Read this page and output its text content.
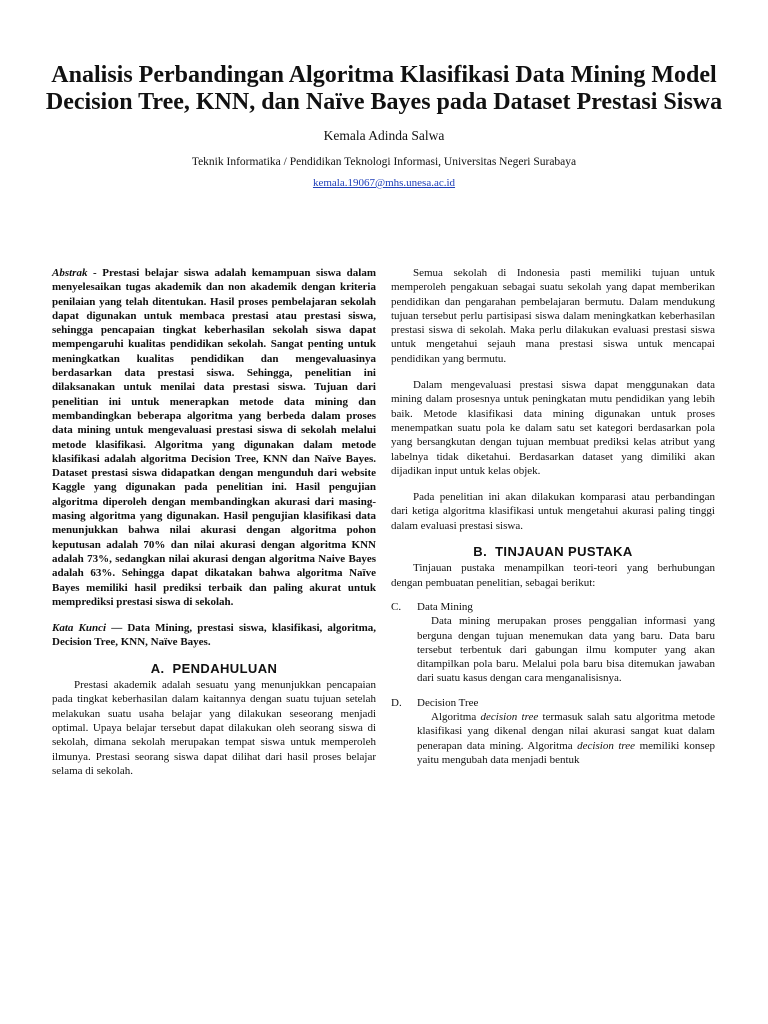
Analisis Perbandingan Algoritma Klasifikasi Data Mining Model Decision Tree, KNN, dan Naïve Bayes pada Dataset Prestasi Siswa
Kemala Adinda Salwa
Teknik Informatika / Pendidikan Teknologi Informasi, Universitas Negeri Surabaya
kemala.19067@mhs.unesa.ac.id

Abstrak - Prestasi belajar siswa adalah kemampuan siswa dalam menyelesaikan tugas akademik dan non akademik dengan kriteria penilaian yang telah ditentukan. Hasil proses pembelajaran sekolah dapat digunakan untuk membaca prestasi atau prestasi siswa, sehingga pencapaian tingkat keberhasilan sekolah siswa dapat mempengaruhi kualitas pendidikan sekolah. Sangat penting untuk meningkatkan kualitas pendidikan dan mengevaluasinya berdasarkan data prestasi siswa. Sehingga, penelitian ini dilaksanakan untuk menilai data prestasi siswa. Tujuan dari penelitian ini untuk menerapkan metode data mining dan membandingkan beberapa algoritma yang berbeda dalam proses data mining untuk mengevaluasi prestasi siswa di sekolah melalui metode klasifikasi. Algoritma yang digunakan dalam metode klasifikasi adalah algoritma Decision Tree, KNN dan Naïve Bayes. Dataset prestasi siswa didapatkan dengan mengunduh dari website Kaggle yang digunakan pada penelitian ini. Hasil pengujian algoritma diperoleh dengan membandingkan akurasi dari masing-masing algoritma yang digunakan. Hasil pengujian klasifikasi data menunjukkan bahwa nilai akurasi dengan algoritma pohon keputusan adalah 70% dan nilai akurasi dengan algoritma KNN adalah 73%, sedangkan nilai akurasi dengan algoritma Naive Bayes adalah 63%. Sehingga dapat dikatakan bahwa algoritma Naïve Bayes memiliki hasil prediksi terbaik dan paling akurat untuk memprediksi prestasi siswa di sekolah.

Kata Kunci — Data Mining, prestasi siswa, klasifikasi, algoritma, Decision Tree, KNN, Naïve Bayes.

A. PENDAHULUAN

Prestasi akademik adalah sesuatu yang menunjukkan pencapaian pada tingkat keberhasilan dalam kaitannya dengan suatu tujuan setelah melakukan suatu usaha belajar yang dilakukan seseorang menjadi optimal. Upaya belajar tersebut dapat dilakukan oleh seorang siswa di sekolah, dimana sekolah merupakan tempat siswa untuk memperoleh ilmunya. Prestasi seorang siswa dapat dilihat dari hasil proses belajar selama di sekolah.

Semua sekolah di Indonesia pasti memiliki tujuan untuk memperoleh pengakuan sebagai suatu sekolah yang dapat memberikan pendidikan dan pengarahan pembelajaran bermutu. Dalam mendukung tujuan tersebut perlu partisipasi siswa dalam meningkatkan keberhasilan prestasi siswa di sekolah. Maka perlu dilakukan evaluasi prestasi siswa untuk mengetahui sejauh mana prestasi siswa untuk mencapai pendidikan yang bermutu.

Dalam mengevaluasi prestasi siswa dapat menggunakan data mining dalam prosesnya untuk peningkatan mutu pendidikan yang lebih baik. Metode klasifikasi data mining digunakan untuk proses menempatkan suatu pola ke dalam satu set kategori berdasarkan pola yang bersangkutan dengan tujuan membuat prediksi kelas atribut yang labelnya tidak diketahui. Berdasarkan dataset yang dimiliki akan dijadikan input untuk kelas objek.

Pada penelitian ini akan dilakukan komparasi atau perbandingan dari ketiga algoritma klasifikasi untuk mengetahui akurasi paling tinggi dalam evaluasi prestasi siswa.

B. TINJAUAN PUSTAKA

Tinjauan pustaka menampilkan teori-teori yang berhubungan dengan pembuatan penelitian, sebagai berikut:

C. Data Mining

Data mining merupakan proses penggalian informasi yang berguna dengan tujuan menemukan data yang baru. Data baru tersebut terbentuk dari gabungan ilmu komputer yang akan ditampilkan pola baru. Melalui pola baru bisa ditemukan jawaban dari suatu kasus dengan cara menganalisisnya.

D. Decision Tree

Algoritma decision tree termasuk salah satu algoritma metode klasifikasi yang dikenal dengan nilai akurasi sangat kuat dalam penerapan data mining. Algoritma decision tree memiliki konsep yaitu mengubah data menjadi bentuk
